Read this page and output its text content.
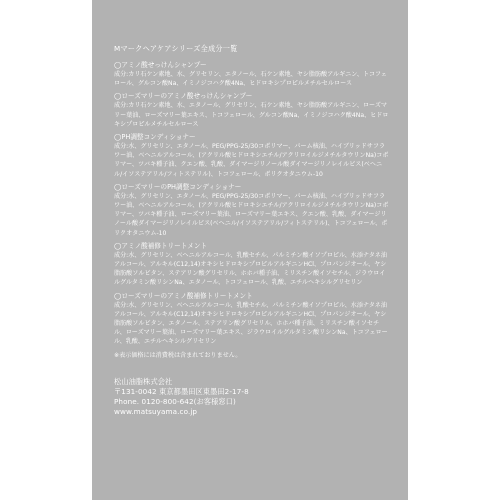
Mマークヘアケアシリーズ全成分一覧
◯アミノ酸せっけんシャンプー
成分:カリ石ケン素地、水、グリセリン、エタノール、石ケン素地、ヤシ脂肪酸アルギニン、トコフェロール、グルコン酸Na、イミノジコハク酸4Na、ヒドロキシプロピルメチルセルロース
◯ローズマリーのアミノ酸せっけんシャンプー
成分:カリ石ケン素地、水、エタノール、グリセリン、石ケン素地、ヤシ脂肪酸アルギニン、ローズマリー葉油、ローズマリー葉エキス、トコフェロール、グルコン酸Na、イミノジコハク酸4Na、ヒドロキシプロピルメチルセルロース
◯PH調整コンディショナー
成分:水、グリセリン、エタノール、PEG/PPG-25/30コポリマー、パーム核油、ハイブリッドサフラワー油、ベヘニルアルコール、(アクリル酸ヒドロキシエチル/アクリロイルジメチルタウリンNa)コポリマー、ツバキ種子油、クエン酸、乳酸、ダイマージリノール酸ダイマージリノレイルビス(ベヘニル/イソステアリル/フィトステリル)、トコフェロール、ポリクオタニウム-10
◯ローズマリーのPH調整コンディショナー
成分:水、グリセリン、エタノール、PEG/PPG-25/30コポリマー、パーム核油、ハイブリッドサフラワー油、ベヘニルアルコール、(アクリル酸ヒドロキシエチル/アクリロイルジメチルタウリンNa)コポリマー、ツバキ種子油、ローズマリー葉油、ローズマリー葉エキス、クエン酸、乳酸、ダイマージリノール酸ダイマージリノレイルビス(ベヘニル/イソステアリル/フィトステリル)、トコフェロール、ポリクオタニウム-10
◯アミノ酸補修トリートメント
成分:水、グリセリン、ベヘニルアルコール、乳酸セチル、パルミチン酸イソプロピル、水添ナタネ油アルコール、アルキル(C12,14)オキシヒドロキシプロピルアルギニンHCl、プロパンジオール、ヤシ脂肪酸ソルビタン、ステアリン酸グリセリル、ホホバ種子油、ミリスチン酸イソセチル、ジラウロイルグルタミン酸リシンNa、エタノール、トコフェロール、乳酸、エチルヘキシルグリセリン
◯ローズマリーのアミノ酸補修トリートメント
成分:水、グリセリン、ベヘニルアルコール、乳酸セチル、パルミチン酸イソプロピル、水添ナタネ油アルコール、アルキル(C12,14)オキシヒドロキシプロピルアルギニンHCl、プロパンジオール、ヤシ脂肪酸ソルビタン、エタノール、ステアリン酸グリセリル、ホホバ種子油、ミリスチン酸イソセチル、ローズマリー葉油、ローズマリー葉エキス、ジラウロイルグルタミン酸リシンNa、トコフェロール、乳酸、エチルヘキシルグリセリン
※表示価格には消費税は含まれておりません。
松山油脂株式会社
〒131-0042 東京都墨田区東墨田2-17-8
Phone. 0120-800-642(お客様窓口)
www.matsuyama.co.jp
